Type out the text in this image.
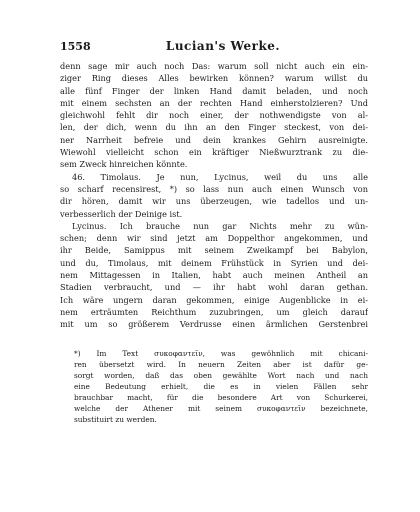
1558	Lucian's Werke.
denn sage mir auch noch Das: warum soll nicht auch ein ein-
ziger Ring dieses Alles bewirken können? warum willst du
alle fünf Finger der linken Hand damit beladen, und noch
mit einem sechsten an der rechten Hand einherstolzieren? Und
gleichwohl fehlt dir noch einer, der nothwendigste von al-
len, der dich, wenn du ihn an den Finger steckest, von dei-
ner Narrheit befreie und dein krankes Gehirn ausreinigte.
Wiewohl vielleicht schon ein kräftiger Nießwurztrank zu die-
sem Zweck hinreichen könnte.
46. Timolaus. Je nun, Lycinus, weil du uns alle
so scharf recensirest, *) so lass nun auch einen Wunsch von
dir hören, damit wir uns überzeugen, wie tadellos und un-
verbesserlich der Deinige ist.
Lycinus. Ich brauche nun gar Nichts mehr zu wün-
schen; denn wir sind jetzt am Doppelthor angekommen, und
ihr Beide, Samippus mit seinem Zweikampf bei Babylon,
und du, Timolaus, mit deinem Frühstück in Syrien und dei-
nem Mittagessen in Italien, habt auch meinen Antheil an
Stadien verbraucht, und — ihr habt wohl daran gethan.
Ich wäre ungern daran gekommen, einige Augenblicke in ei-
nem erträumten Reichthum zuzubringen, um gleich darauf
mit um so größerem Verdrusse einen ärmlichen Gerstenbrei
*) Im Text συκοφαντεῖν, was gewöhnlich mit chicani-
ren übersetzt wird. In neuern Zeiten aber ist dafür ge-
sorgt worden, daß das oben gewählte Wort nach und nach
eine Bedeutung erhielt, die es in vielen Fällen sehr
brauchbar macht, für die besondere Art von Schurkerei,
welche der Athener mit seinem συκοφαντεῖν bezeichnete,
substituirt zu werden.
